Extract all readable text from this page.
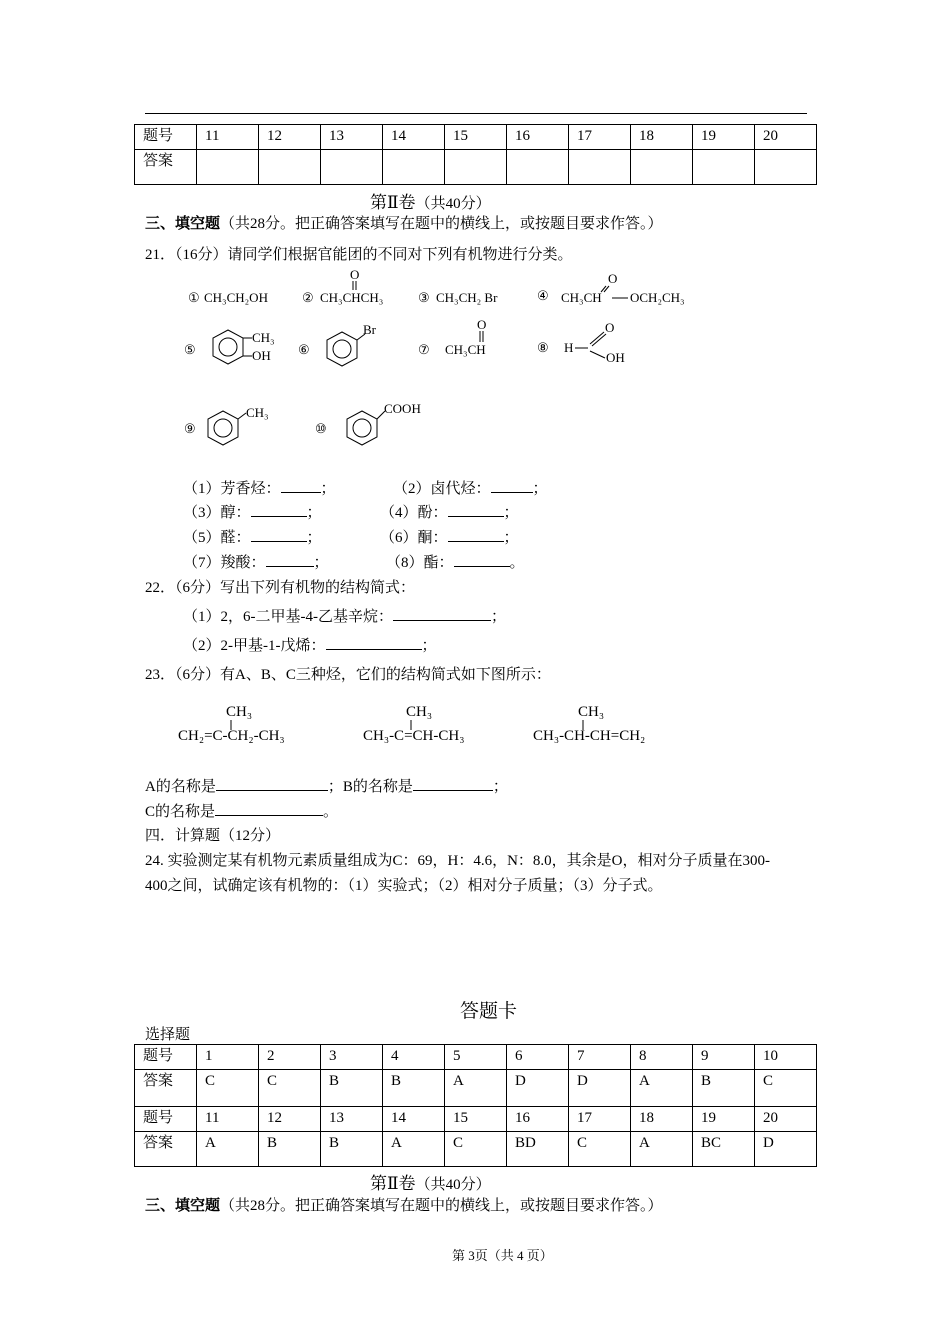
题号	11	12	13	14	15	16	17	18	19	20
答案										
第Ⅱ卷（共40分）
三、填空题（共28分。把正确答案填写在题中的横线上，或按题目要求作答。）
21．（16分）请同学们根据官能团的不同对下列有机物进行分类。
① CH₃CH₂OH	②
O
CH₃CHCH₃	③ CH₃CH₂ Br	④
O
CH₃CH OCH₂CH₃
⑤
CH₃
OH ⑥
Br
⑦
O
CH₃CH	⑧ H
O
OH
⑨
CH₃
⑩
COOH
（1）芳香烃：	；	（2）卤代烃：	；
（3）醇：	；	（4）酚：	；
（5）醛：	；	（6）酮：	；
（7）羧酸：	；	（8）酯：	。
22．（6分）写出下列有机物的结构简式：
（1）2，6-二甲基-4-乙基辛烷：	；
（2）2-甲基-1-戊烯：	；
23．（6分）有A、B、C三种烃，它们的结构简式如下图所示：
CH₃
CH₂=C-CH₂-CH₃
CH₃
CH₃-C=CH-CH₃
CH₃
CH₃-CH-CH=CH₂
A的名称是	；B的名称是	；
C的名称是	。
四．计算题（12分）
24. 实验测定某有机物元素质量组成为C：69，H：4.6，N：8.0，其余是O，相对分子质量在300-
400之间，试确定该有机物的：（1）实验式；（2）相对分子质量；（3）分子式。
答题卡
选择题
题号	1	2	3	4	5	6	7	8	9	10
答案	C	C	B	B	A	D	D	A	B	C
题号	11	12	13	14	15	16	17	18	19	20
答案	A	B	B	A	C	BD	C	A	BC	D
第Ⅱ卷（共40分）
三、填空题（共28分。把正确答案填写在题中的横线上，或按题目要求作答。）
第 3页（共 4 页）
